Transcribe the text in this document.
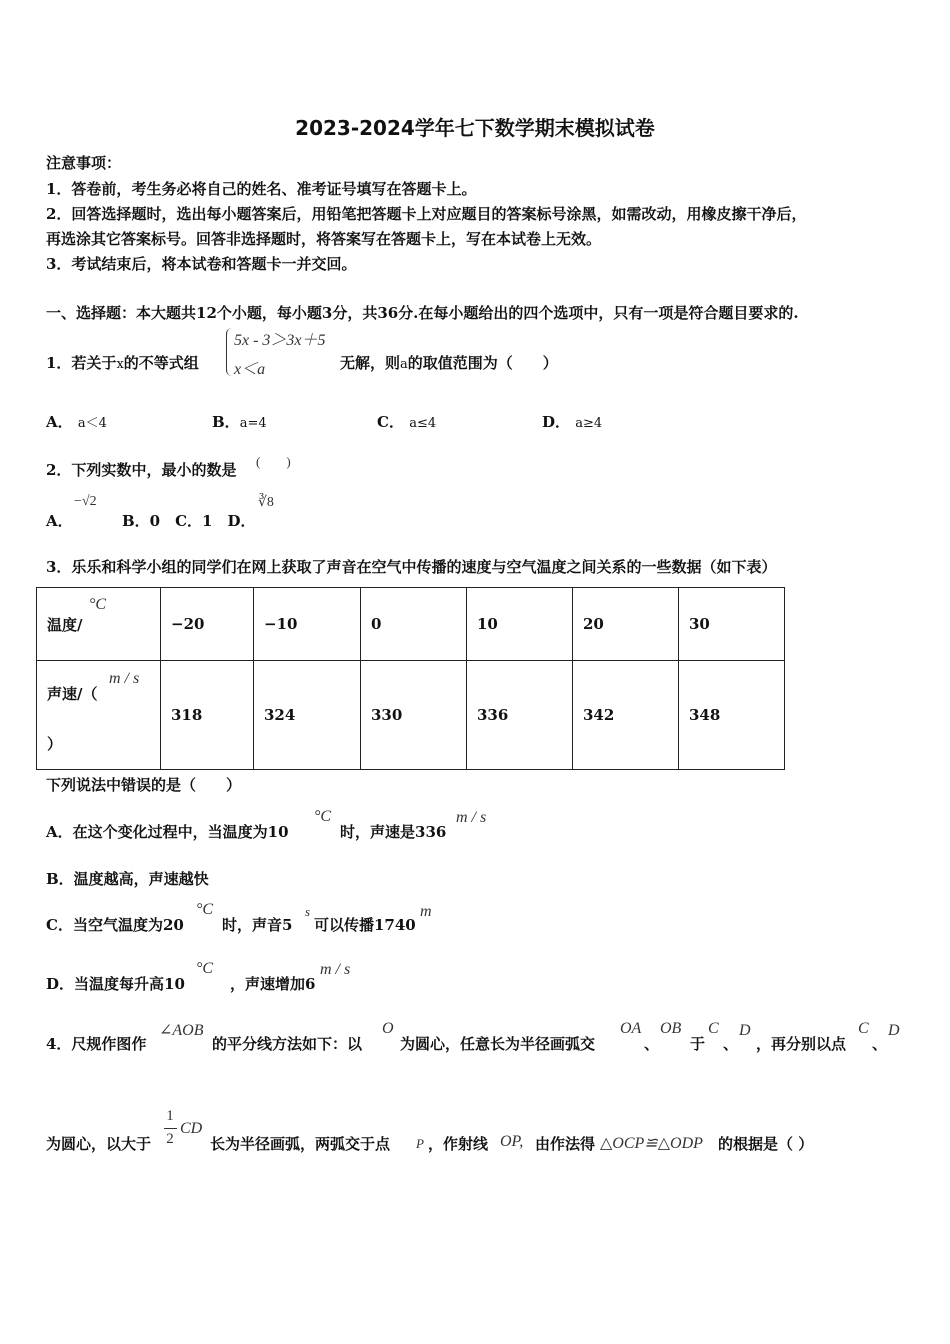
2023-2024学年七下数学期末模拟试卷
注意事项：
1．答卷前，考生务必将自己的姓名、准考证号填写在答题卡上。
2．回答选择题时，选出每小题答案后，用铅笔把答题卡上对应题目的答案标号涂黑，如需改动，用橡皮擦干净后，
再选涂其它答案标号。回答非选择题时，将答案写在答题卡上，写在本试卷上无效。
3．考试结束后，将本试卷和答题卡一并交回。
一、选择题：本大题共12个小题，每小题3分，共36分.在每小题给出的四个选项中，只有一项是符合题目要求的.
1．若关于x的不等式组
5x - 3＞3x＋5
x＜a	无解，则a的取值范围为（　　）
A． a＜4	B．a=4	C． a≤4	D． a≥4
2．下列实数中，最小的数是 (　　)
A．
−√2
B．0　C．1　D．
∛8
3．乐乐和科学小组的同学们在网上获取了声音在空气中传播的速度与空气温度之间关系的一些数据（如下表）
温度/
°C	−20	−10	0	10	20	30

声速/（
m / s
）	318	324	330	336	342	348
下列说法中错误的是（　　）
A．在这个变化过程中，当温度为10
°C
时，声速是336
m / s
B．温度越高，声速越快
C．当空气温度为20
°C
时，声音5
s
可以传播1740
m
D．当温度每升高10
°C
，声速增加6
m / s
4．尺规作图作
∠AOB
的平分线方法如下：以
O
为圆心，任意长为半径画弧交
OA
、
OB
于
C
、
D
，再分别以点
C
、
D
为圆心，以大于
1
2
CD
长为半径画弧，两弧交于点 P ，作射线 OP, 由作法得 △OCP≌△ODP 的根据是（ ）
